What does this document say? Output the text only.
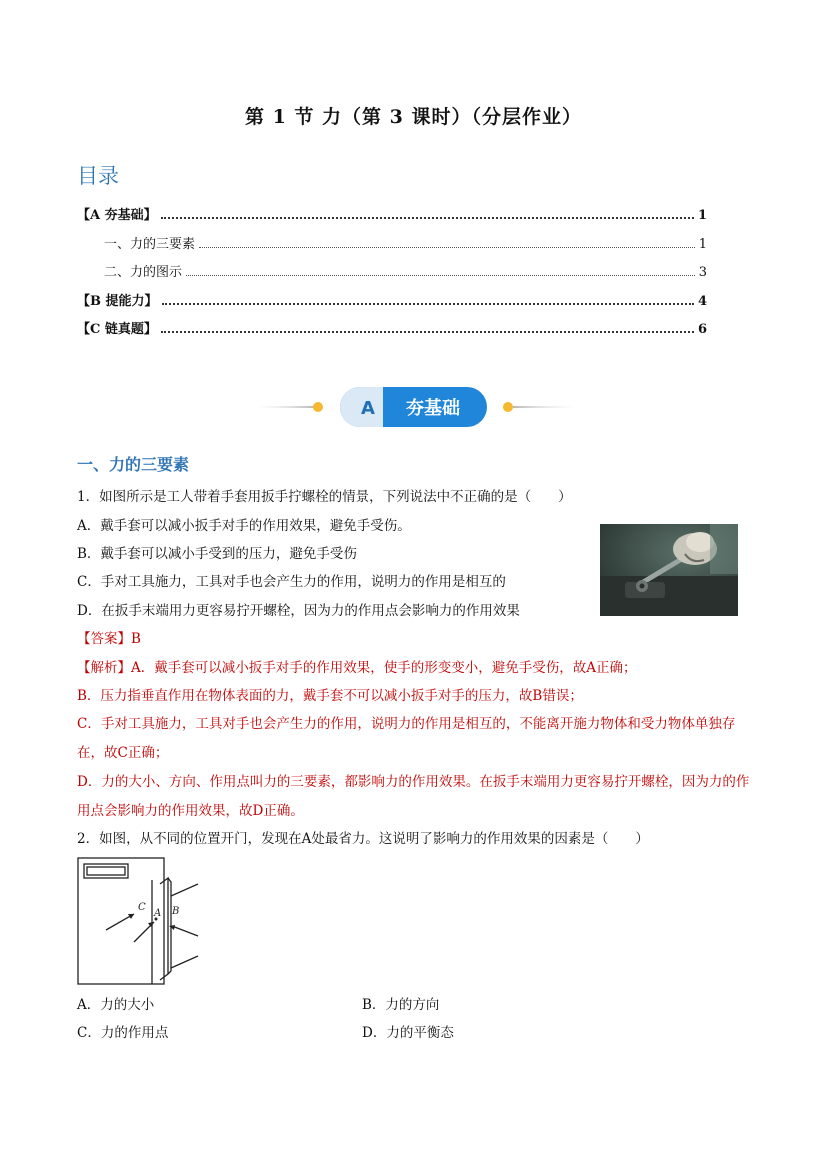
第 1 节 力（第 3 课时）（分层作业）
目录
【A 夯基础】	1
一、力的三要素	1
二、力的图示	3
【B 提能力】	4
【C 链真题】	6
A 夯基础
一、力的三要素
1．如图所示是工人带着手套用扳手拧螺栓的情景，下列说法中不正确的是（　　）
A．戴手套可以减小扳手对手的作用效果，避免手受伤。
B．戴手套可以减小手受到的压力，避免手受伤
C．手对工具施力，工具对手也会产生力的作用，说明力的作用是相互的
D．在扳手末端用力更容易拧开螺栓，因为力的作用点会影响力的作用效果
【答案】B
【解析】A．戴手套可以减小扳手对手的作用效果，使手的形变变小，避免手受伤，故A正确；
B．压力指垂直作用在物体表面的力，戴手套不可以减小扳手对手的压力，故B错误；
C．手对工具施力，工具对手也会产生力的作用，说明力的作用是相互的，不能离开施力物体和受力物体单独存在，故C正确；
D．力的大小、方向、作用点叫力的三要素，都影响力的作用效果。在扳手末端用力更容易拧开螺栓，因为力的作用点会影响力的作用效果，故D正确。
2．如图，从不同的位置开门，发现在A处最省力。这说明了影响力的作用效果的因素是（　　）
C
A B
A．力的大小	B．力的方向
C．力的作用点	D．力的平衡态
